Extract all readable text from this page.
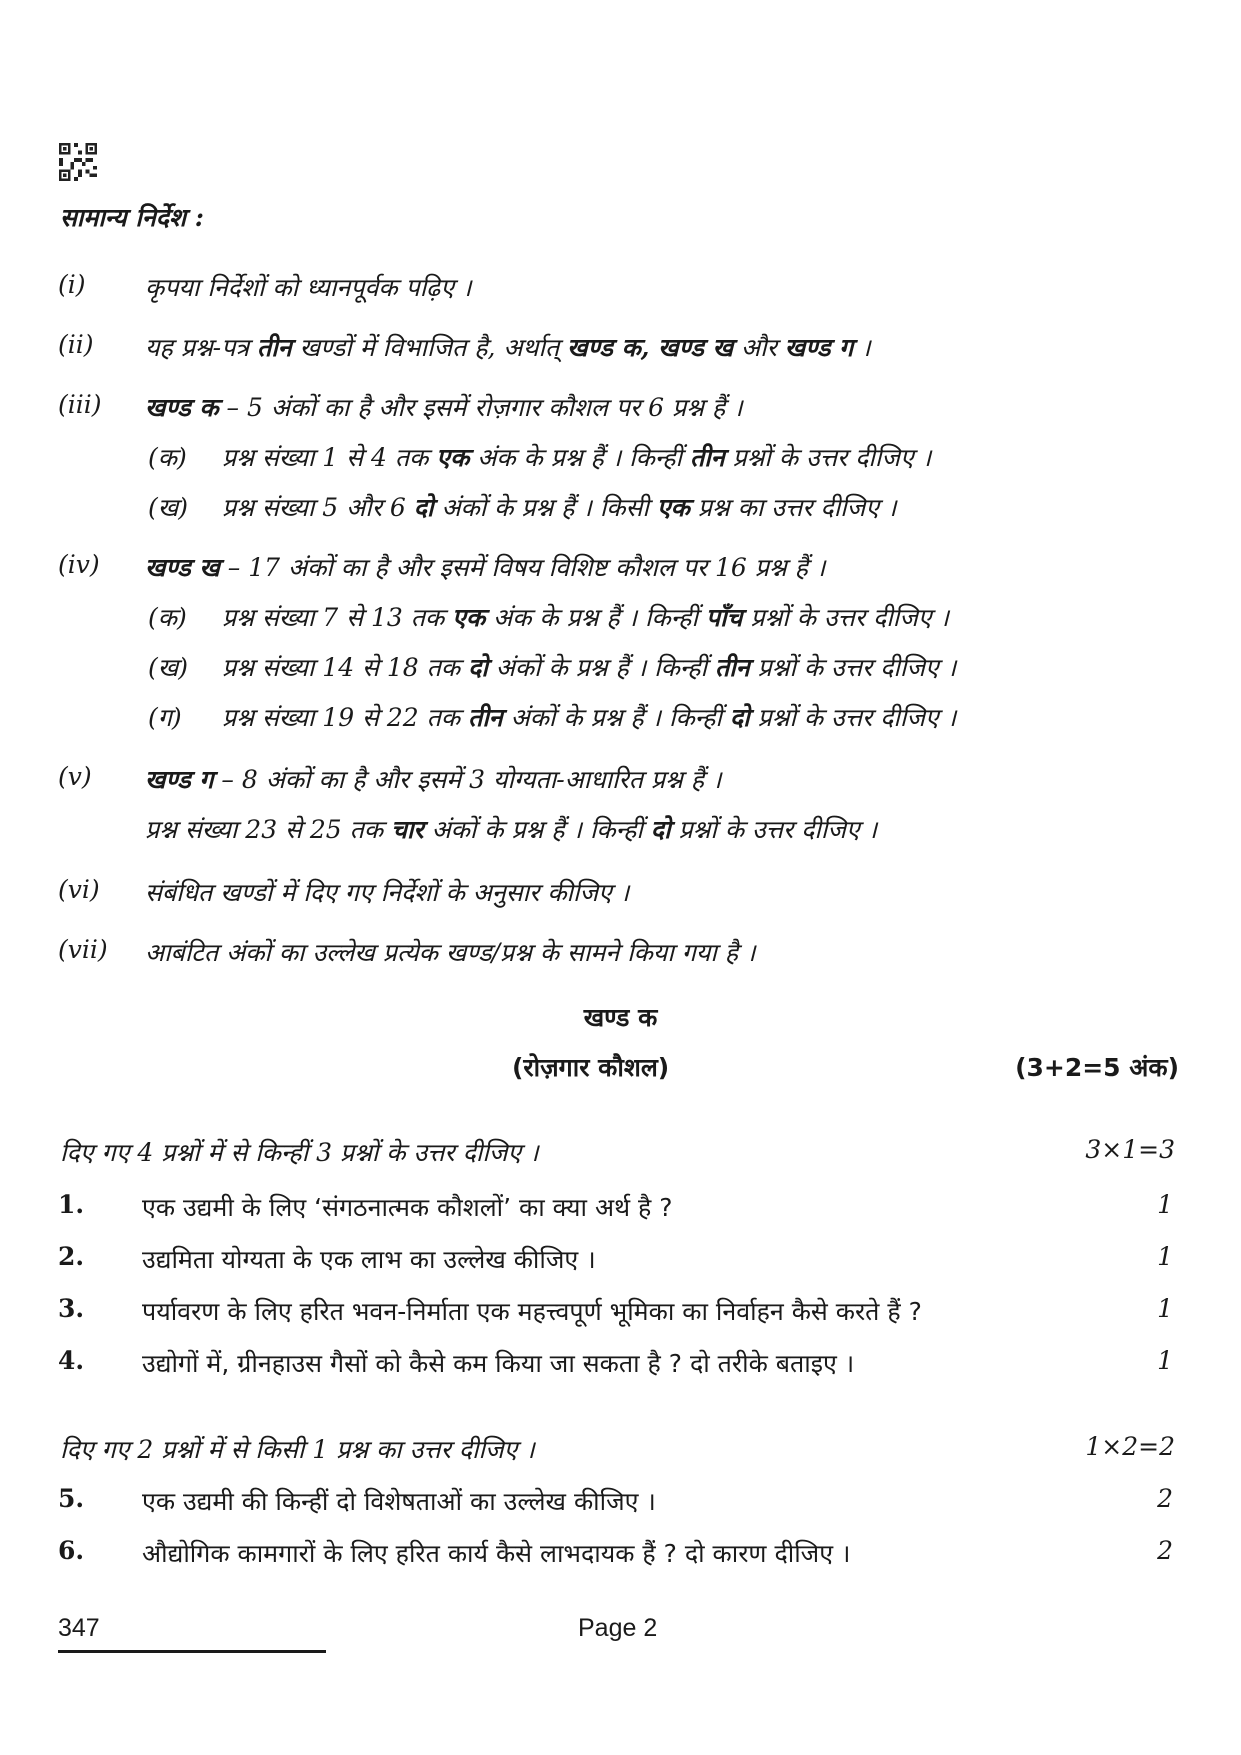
सामान्य निर्देश :
(i) कृपया निर्देशों को ध्यानपूर्वक पढ़िए ।
(ii) यह प्रश्न-पत्र तीन खण्डों में विभाजित है, अर्थात् खण्ड क, खण्ड ख और खण्ड ग ।
(iii) खण्ड क – 5 अंकों का है और इसमें रोज़गार कौशल पर 6 प्रश्न हैं ।
(क) प्रश्न संख्या 1 से 4 तक एक अंक के प्रश्न हैं । किन्हीं तीन प्रश्नों के उत्तर दीजिए ।
(ख) प्रश्न संख्या 5 और 6 दो अंकों के प्रश्न हैं । किसी एक प्रश्न का उत्तर दीजिए ।
(iv) खण्ड ख – 17 अंकों का है और इसमें विषय विशिष्ट कौशल पर 16 प्रश्न हैं ।
(क) प्रश्न संख्या 7 से 13 तक एक अंक के प्रश्न हैं । किन्हीं पाँच प्रश्नों के उत्तर दीजिए ।
(ख) प्रश्न संख्या 14 से 18 तक दो अंकों के प्रश्न हैं । किन्हीं तीन प्रश्नों के उत्तर दीजिए ।
(ग) प्रश्न संख्या 19 से 22 तक तीन अंकों के प्रश्न हैं । किन्हीं दो प्रश्नों के उत्तर दीजिए ।
(v) खण्ड ग – 8 अंकों का है और इसमें 3 योग्यता-आधारित प्रश्न हैं ।
प्रश्न संख्या 23 से 25 तक चार अंकों के प्रश्न हैं । किन्हीं दो प्रश्नों के उत्तर दीजिए ।
(vi) संबंधित खण्डों में दिए गए निर्देशों के अनुसार कीजिए ।
(vii) आबंटित अंकों का उल्लेख प्रत्येक खण्ड/प्रश्न के सामने किया गया है ।
खण्ड क
(रोज़गार कौशल)	(3+2=5 अंक)
दिए गए 4 प्रश्नों में से किन्हीं 3 प्रश्नों के उत्तर दीजिए ।	3×1=3
1. एक उद्यमी के लिए ‘संगठनात्मक कौशलों’ का क्या अर्थ है ?	1
2. उद्यमिता योग्यता के एक लाभ का उल्लेख कीजिए ।	1
3. पर्यावरण के लिए हरित भवन-निर्माता एक महत्त्वपूर्ण भूमिका का निर्वाहन कैसे करते हैं ?	1
4. उद्योगों में, ग्रीनहाउस गैसों को कैसे कम किया जा सकता है ? दो तरीके बताइए ।	1
दिए गए 2 प्रश्नों में से किसी 1 प्रश्न का उत्तर दीजिए ।	1×2=2
5. एक उद्यमी की किन्हीं दो विशेषताओं का उल्लेख कीजिए ।	2
6. औद्योगिक कामगारों के लिए हरित कार्य कैसे लाभदायक हैं ? दो कारण दीजिए ।	2
347	Page 2
